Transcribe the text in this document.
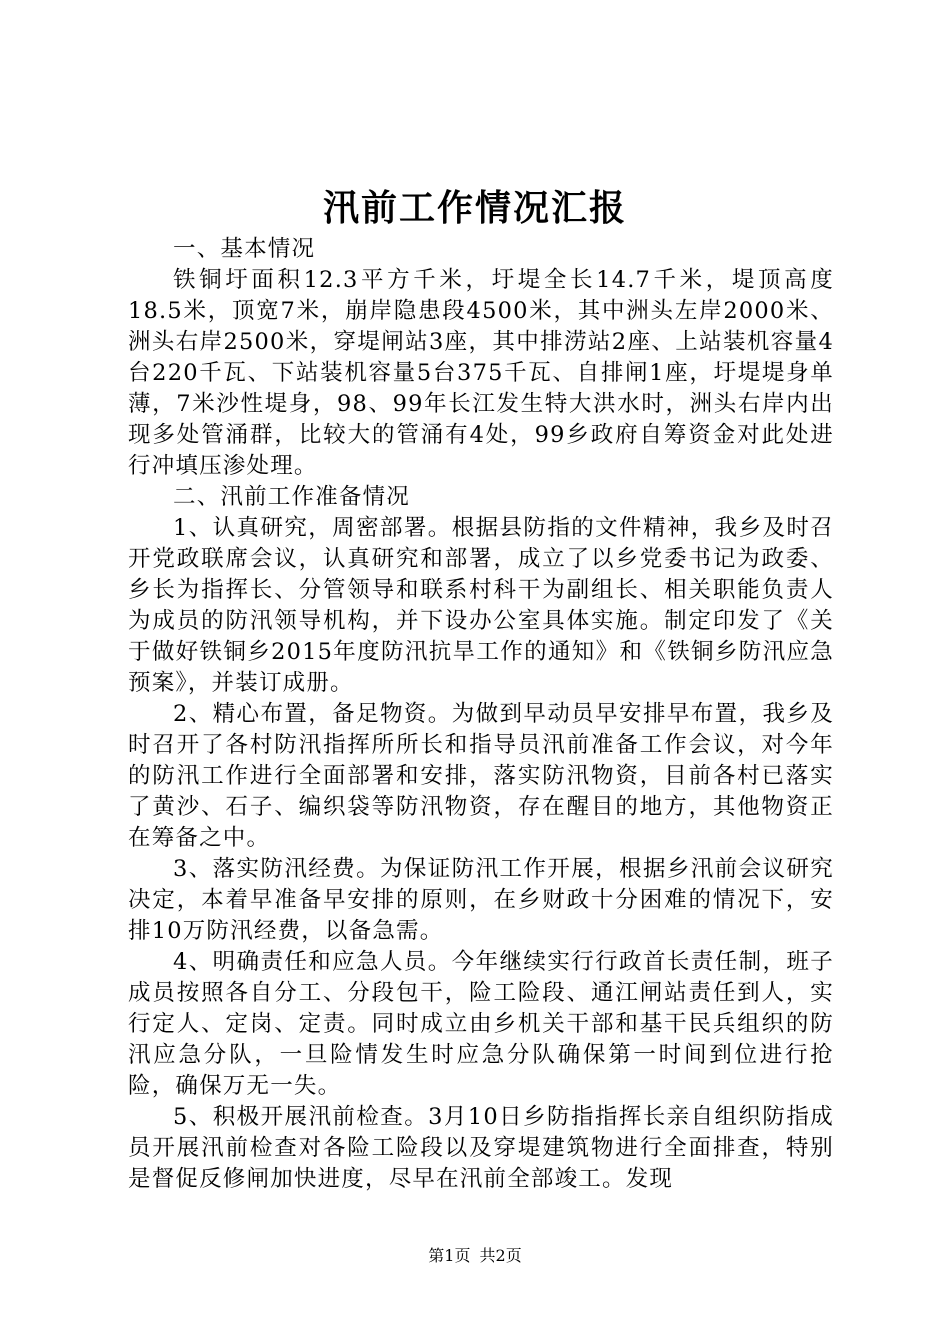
汛前工作情况汇报

一、基本情况

铁铜圩面积12.3平方千米，圩堤全长14.7千米，堤顶高度18.5米，顶宽7米，崩岸隐患段4500米，其中洲头左岸2000米、洲头右岸2500米，穿堤闸站3座，其中排涝站2座、上站装机容量4台220千瓦、下站装机容量5台375千瓦、自排闸1座，圩堤堤身单薄，7米沙性堤身，98、99年长江发生特大洪水时，洲头右岸内出现多处管涌群，比较大的管涌有4处，99乡政府自筹资金对此处进行冲填压渗处理。

二、汛前工作准备情况

1、认真研究，周密部署。根据县防指的文件精神，我乡及时召开党政联席会议，认真研究和部署，成立了以乡党委书记为政委、乡长为指挥长、分管领导和联系村科干为副组长、相关职能负责人为成员的防汛领导机构，并下设办公室具体实施。制定印发了《关于做好铁铜乡2015年度防汛抗旱工作的通知》和《铁铜乡防汛应急预案》，并装订成册。

2、精心布置，备足物资。为做到早动员早安排早布置，我乡及时召开了各村防汛指挥所所长和指导员汛前准备工作会议，对今年的防汛工作进行全面部署和安排，落实防汛物资，目前各村已落实了黄沙、石子、编织袋等防汛物资，存在醒目的地方，其他物资正在筹备之中。

3、落实防汛经费。为保证防汛工作开展，根据乡汛前会议研究决定，本着早准备早安排的原则，在乡财政十分困难的情况下，安排10万防汛经费，以备急需。

4、明确责任和应急人员。今年继续实行行政首长责任制，班子成员按照各自分工、分段包干，险工险段、通江闸站责任到人，实行定人、定岗、定责。同时成立由乡机关干部和基干民兵组织的防汛应急分队，一旦险情发生时应急分队确保第一时间到位进行抢险，确保万无一失。

5、积极开展汛前检查。3月10日乡防指指挥长亲自组织防指成员开展汛前检查对各险工险段以及穿堤建筑物进行全面排查，特别是督促反修闸加快进度，尽早在汛前全部竣工。发现

第1页 共2页
